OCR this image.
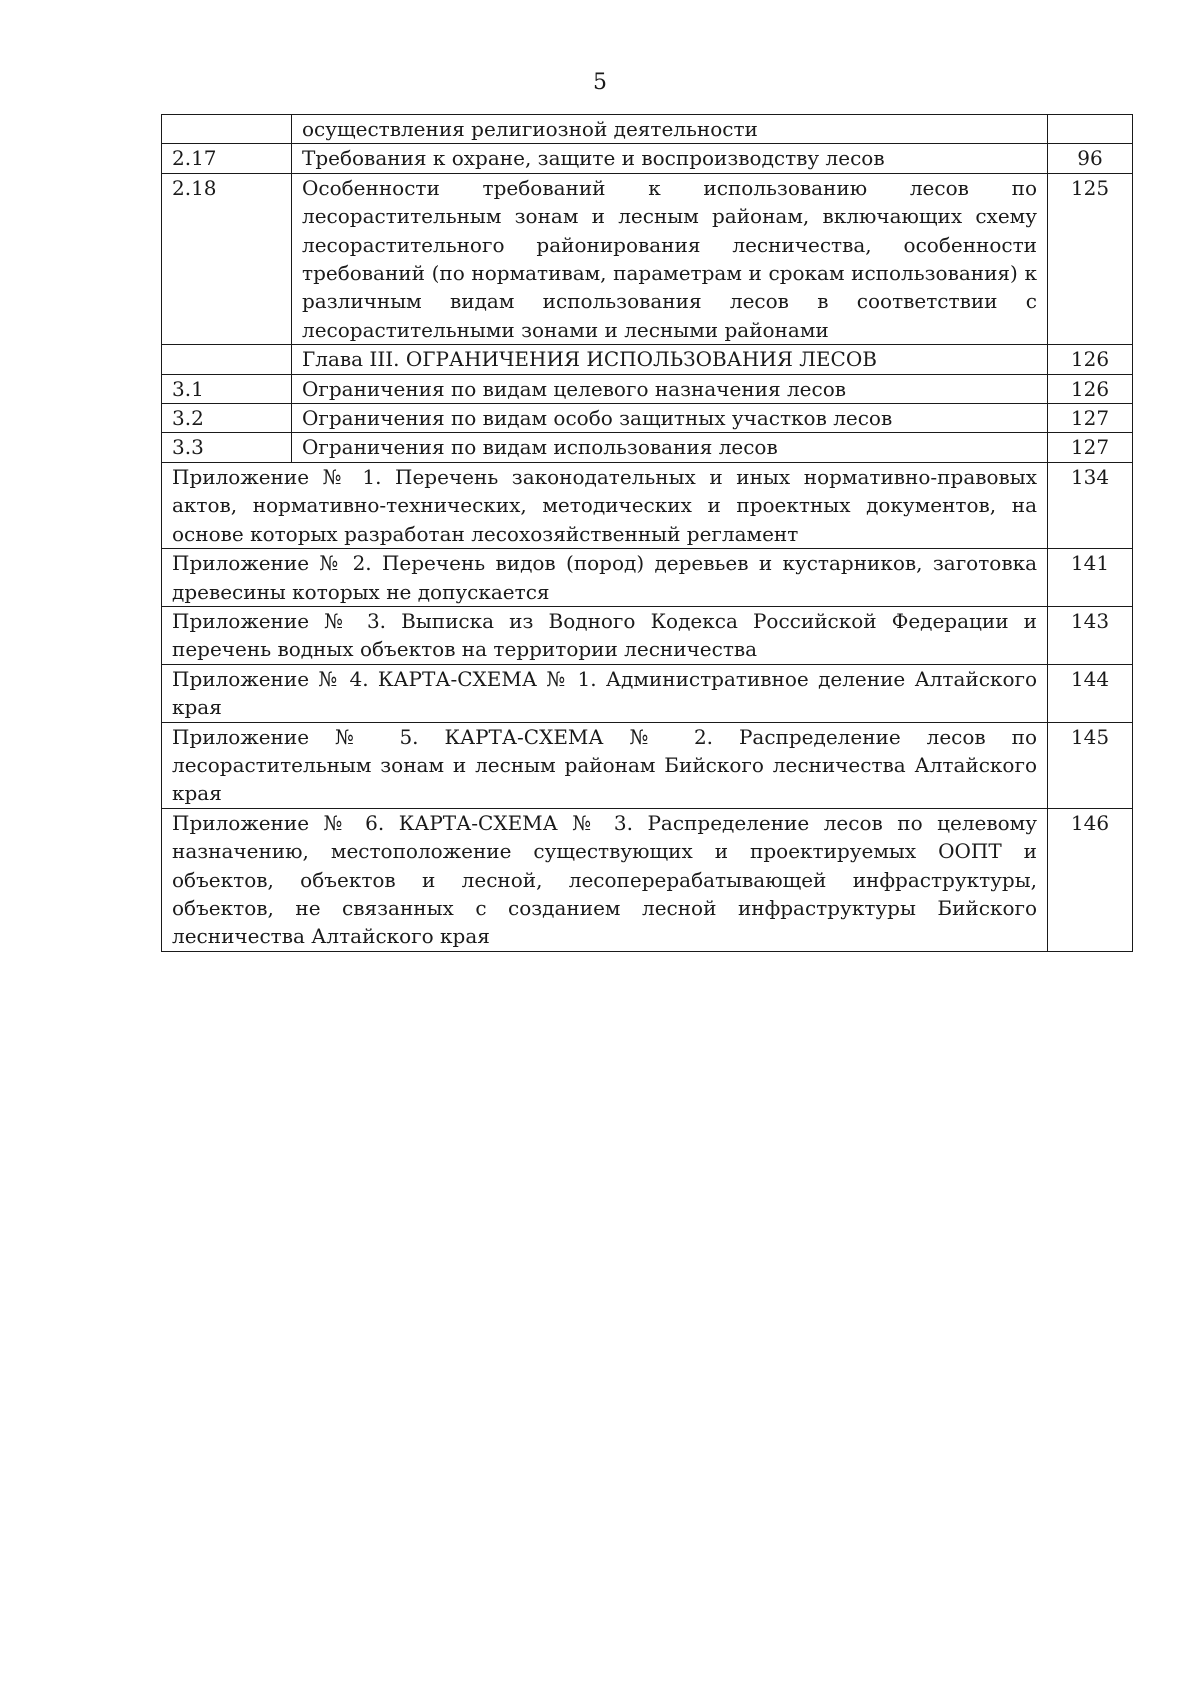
5
	осуществления религиозной деятельности	
2.17	Требования к охране, защите и воспроизводству лесов	96
2.18	Особенности требований к использованию лесов по лесорастительным зонам и лесным районам, включающих схему лесорастительного районирования лесничества, особенности требований (по нормативам, параметрам и срокам использования) к различным видам использования лесов в соответствии с лесорастительными зонами и лесными районами	125
	Глава III. ОГРАНИЧЕНИЯ ИСПОЛЬЗОВАНИЯ ЛЕСОВ	126
3.1	Ограничения по видам целевого назначения лесов	126
3.2	Ограничения по видам особо защитных участков лесов	127
3.3	Ограничения по видам использования лесов	127
Приложение № 1. Перечень законодательных и иных нормативно-правовых актов, нормативно-технических, методических и проектных документов, на основе которых разработан лесохозяйственный регламент		134
Приложение № 2. Перечень видов (пород) деревьев и кустарников, заготовка древесины которых не допускается		141
Приложение № 3. Выписка из Водного Кодекса Российской Федерации и перечень водных объектов на территории лесничества		143
Приложение № 4. КАРТА-СХЕМА № 1. Административное деление Алтайского края		144
Приложение № 5. КАРТА-СХЕМА № 2. Распределение лесов по лесорастительным зонам и лесным районам Бийского лесничества Алтайского края		145
Приложение № 6. КАРТА-СХЕМА № 3. Распределение лесов по целевому назначению, местоположение существующих и проектируемых ООПТ и объектов, объектов и лесной, лесоперерабатывающей инфраструктуры, объектов, не связанных с созданием лесной инфраструктуры Бийского лесничества Алтайского края		146
